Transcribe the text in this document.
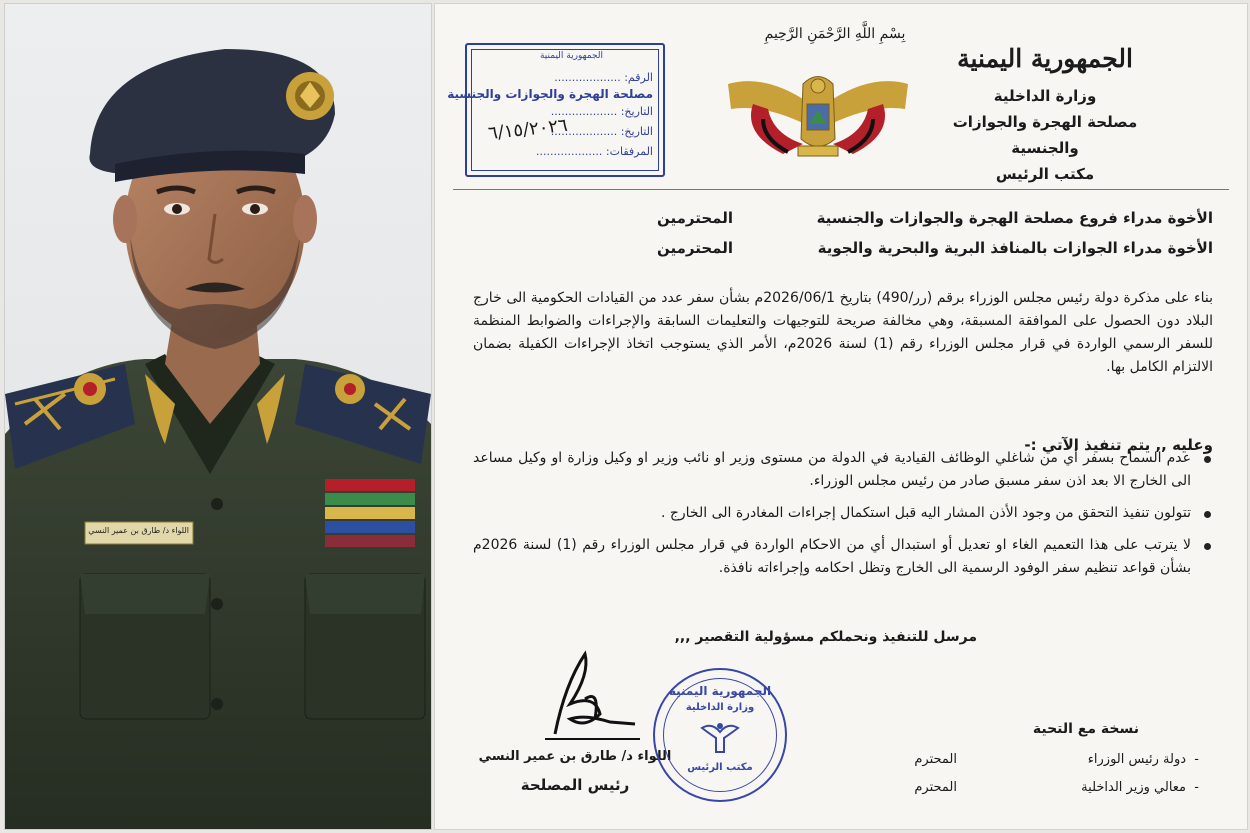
اللواء د/ طارق بن عمير النسي
الجمهورية اليمنية
وزارة الداخلية
مصلحة الهجرة والجوازات والجنسية
مكتب الرئيس
بِسْمِ اللَّهِ الرَّحْمَنِ الرَّحِيمِ
الجمهورية اليمنية
الرقم: ...................
مصلحة الهجرة والجوازات والجنسية
التاريخ: ...................
التاريخ: ...................
المرفقات: ...................
٦/١٥/٢٠٢٦
الأخوة مدراء فروع مصلحة الهجرة والجوازات والجنسية
المحترمين
الأخوة مدراء الجوازات بالمنافذ البرية والبحرية والجوية
المحترمين
بناء على مذكرة دولة رئيس مجلس الوزراء برقم (رر/490) بتاريخ 2026/06/1م بشأن سفر عدد من القيادات الحكومية الى خارج البلاد دون الحصول على الموافقة المسبقة، وهي مخالفة صريحة للتوجيهات والتعليمات السابقة والإجراءات والضوابط المنظمة للسفر الرسمي الواردة في قرار مجلس الوزراء رقم (1) لسنة 2026م، الأمر الذي يستوجب اتخاذ الإجراءات الكفيلة بضمان الالتزام الكامل بها.
وعليه ,, يتم تنفيذ الآتي :-
عدم السماح بسفر أي من شاغلي الوظائف القيادية في الدولة من مستوى وزير او نائب وزير او وكيل وزارة او وكيل مساعد الى الخارج الا بعد اذن سفر مسبق صادر من رئيس مجلس الوزراء.
تتولون تنفيذ التحقق من وجود الأذن المشار اليه قبل استكمال إجراءات المغادرة الى الخارج .
لا يترتب على هذا التعميم الغاء او تعديل أو استبدال أي من الاحكام الواردة في قرار مجلس الوزراء رقم (1) لسنة 2026م بشأن قواعد تنظيم سفر الوفود الرسمية الى الخارج وتظل احكامه وإجراءاته نافذة.
مرسل للتنفيذ ونحملكم مسؤولية التقصير ,,,
اللواء د/ طارق بن عمير النسي
رئيس المصلحة
الجمهورية اليمنية
وزارة الداخلية
مكتب الرئيس
نسخة مع التحية
-  دولة رئيس الوزراء
المحترم
-  معالي وزير الداخلية
المحترم
